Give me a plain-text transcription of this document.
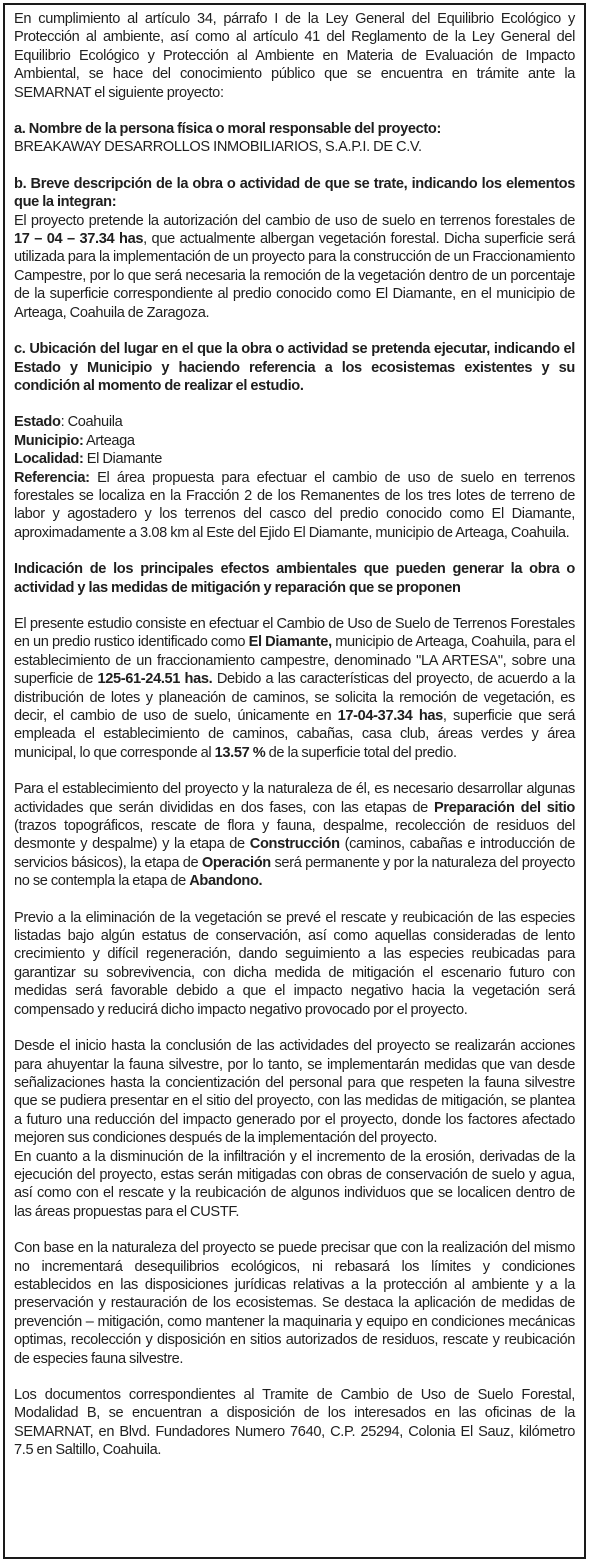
En cumplimiento al artículo 34, párrafo I de la Ley General del Equilibrio Ecológico y Protección al ambiente, así como al artículo 41 del Reglamento de la Ley General del Equilibrio Ecológico y Protección al Ambiente en Materia de Evaluación de Impacto Ambiental, se hace del conocimiento público que se encuentra en trámite ante la SEMARNAT el siguiente proyecto:

a. Nombre de la persona física o moral responsable del proyecto:

BREAKAWAY DESARROLLOS INMOBILIARIOS, S.A.P.I. DE C.V.

b. Breve descripción de la obra o actividad de que se trate, indicando los elementos que la integran:

El proyecto pretende la autorización del cambio de uso de suelo en terrenos forestales de 17 – 04 – 37.34 has, que actualmente albergan vegetación forestal. Dicha superficie será utilizada para la implementación de un proyecto para la construcción de un Fraccionamiento Campestre, por lo que será necesaria la remoción de la vegetación dentro de un porcentaje de la superficie correspondiente al predio conocido como El Diamante, en el municipio de Arteaga, Coahuila de Zaragoza.

c. Ubicación del lugar en el que la obra o actividad se pretenda ejecutar, indicando el Estado y Municipio y haciendo referencia a los ecosistemas existentes y su condición al momento de realizar el estudio.

Estado: Coahuila

Municipio: Arteaga

Localidad: El Diamante

Referencia: El área propuesta para efectuar el cambio de uso de suelo en terrenos forestales se localiza en la Fracción 2 de los Remanentes de los tres lotes de terreno de labor y agostadero y los terrenos del casco del predio conocido como El Diamante, aproximadamente a 3.08 km al Este del Ejido El Diamante, municipio de Arteaga, Coahuila.

Indicación de los principales efectos ambientales que pueden generar la obra o actividad y las medidas de mitigación y reparación que se proponen

El presente estudio consiste en efectuar el Cambio de Uso de Suelo de Terrenos Forestales en un predio rustico identificado como El Diamante, municipio de Arteaga, Coahuila, para el establecimiento de un fraccionamiento campestre, denominado "LA ARTESA", sobre una superficie de 125-61-24.51 has. Debido a las características del proyecto, de acuerdo a la distribución de lotes y planeación de caminos, se solicita la remoción de vegetación, es decir, el cambio de uso de suelo, únicamente en 17-04-37.34 has, superficie que será empleada el establecimiento de caminos, cabañas, casa club, áreas verdes y área municipal, lo que corresponde al 13.57 % de la superficie total del predio.

Para el establecimiento del proyecto y la naturaleza de él, es necesario desarrollar algunas actividades que serán divididas en dos fases, con las etapas de Preparación del sitio (trazos topográficos, rescate de flora y fauna, despalme, recolección de residuos del desmonte y despalme) y la etapa de Construcción (caminos, cabañas e introducción de servicios básicos), la etapa de Operación será permanente y por la naturaleza del proyecto no se contempla la etapa de Abandono.

Previo a la eliminación de la vegetación se prevé el rescate y reubicación de las especies listadas bajo algún estatus de conservación, así como aquellas consideradas de lento crecimiento y difícil regeneración, dando seguimiento a las especies reubicadas para garantizar su sobrevivencia, con dicha medida de mitigación el escenario futuro con medidas será favorable debido a que el impacto negativo hacia la vegetación será compensado y reducirá dicho impacto negativo provocado por el proyecto.

Desde el inicio hasta la conclusión de las actividades del proyecto se realizarán acciones para ahuyentar la fauna silvestre, por lo tanto, se implementarán medidas que van desde señalizaciones hasta la concientización del personal para que respeten la fauna silvestre que se pudiera presentar en el sitio del proyecto, con las medidas de mitigación, se plantea a futuro una reducción del impacto generado por el proyecto, donde los factores afectado mejoren sus condiciones después de la implementación del proyecto.

En cuanto a la disminución de la infiltración y el incremento de la erosión, derivadas de la ejecución del proyecto, estas serán mitigadas con obras de conservación de suelo y agua, así como con el rescate y la reubicación de algunos individuos que se localicen dentro de las áreas propuestas para el CUSTF.

Con base en la naturaleza del proyecto se puede precisar que con la realización del mismo no incrementará desequilibrios ecológicos, ni rebasará los límites y condiciones establecidos en las disposiciones jurídicas relativas a la protección al ambiente y a la preservación y restauración de los ecosistemas. Se destaca la aplicación de medidas de prevención – mitigación, como mantener la maquinaria y equipo en condiciones mecánicas optimas, recolección y disposición en sitios autorizados de residuos, rescate y reubicación de especies fauna silvestre.

Los documentos correspondientes al Tramite de Cambio de Uso de Suelo Forestal, Modalidad B, se encuentran a disposición de los interesados en las oficinas de la SEMARNAT, en Blvd. Fundadores Numero 7640, C.P. 25294, Colonia El Sauz, kilómetro 7.5 en Saltillo, Coahuila.
